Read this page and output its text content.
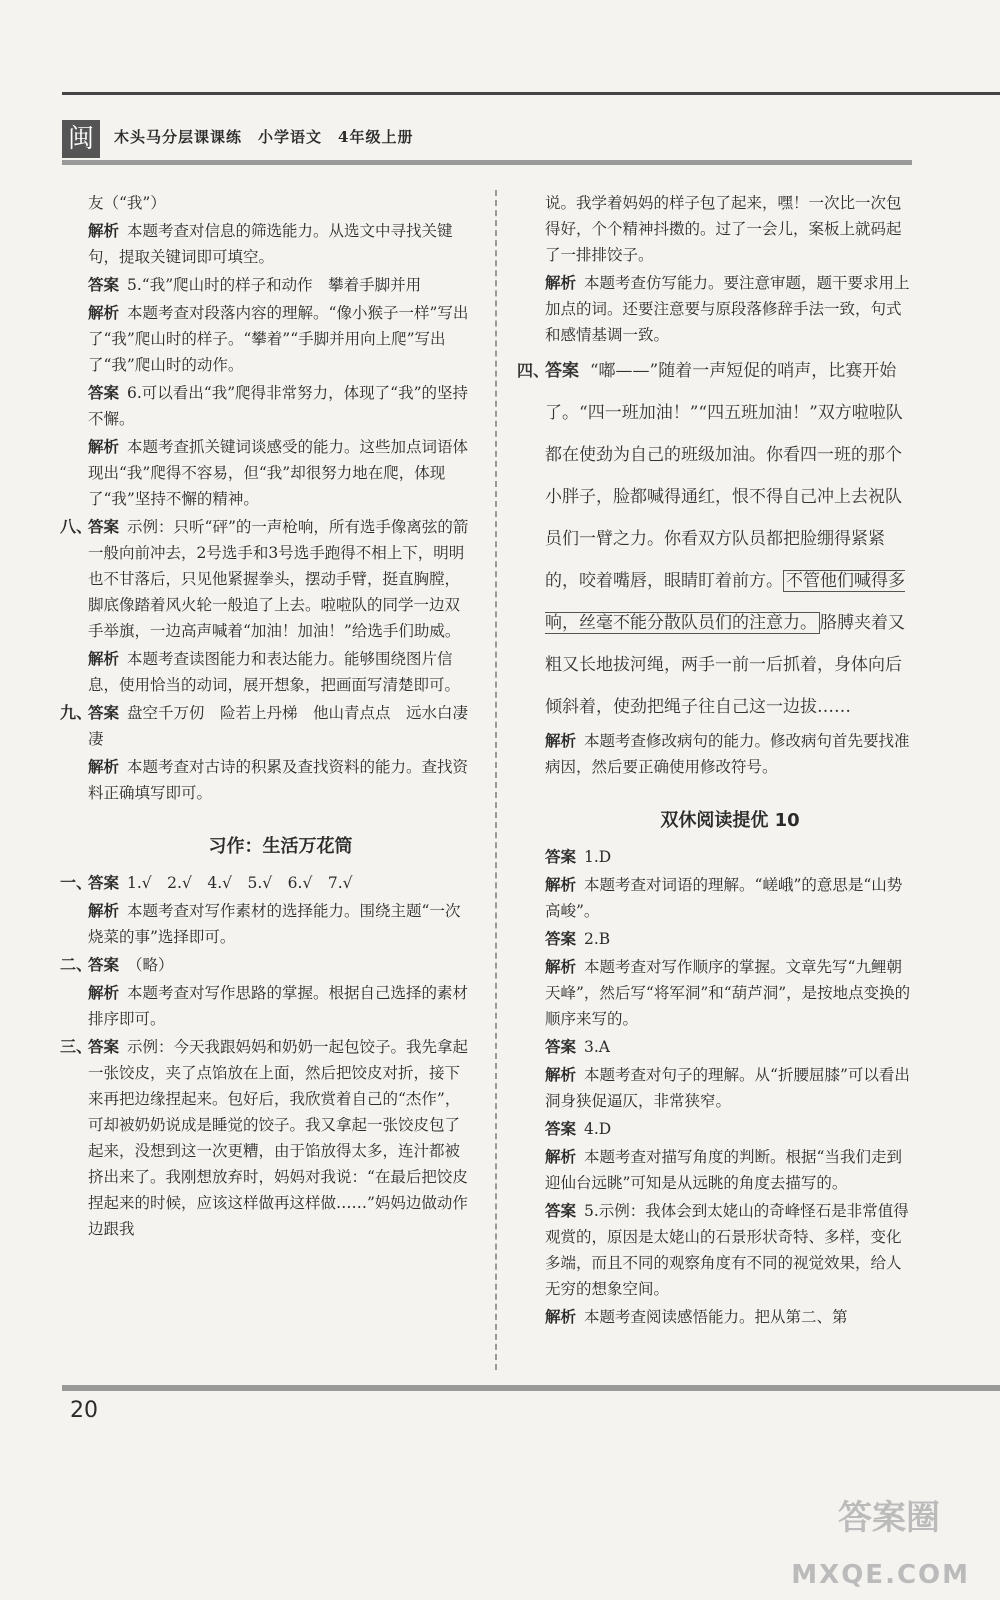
闽	木头马分层课课练　小学语文　4年级上册

友（“我”）

解析 本题考查对信息的筛选能力。从选文中寻找关键句，提取关键词即可填空。

答案 5.“我”爬山时的样子和动作　攀着手脚并用

解析 本题考查对段落内容的理解。“像小猴子一样”写出了“我”爬山时的样子。“攀着”“手脚并用向上爬”写出了“我”爬山时的动作。

答案 6.可以看出“我”爬得非常努力，体现了“我”的坚持不懈。

解析 本题考查抓关键词谈感受的能力。这些加点词语体现出“我”爬得不容易，但“我”却很努力地在爬，体现了“我”坚持不懈的精神。

八、
答案 示例：只听“砰”的一声枪响，所有选手像离弦的箭一般向前冲去，2号选手和3号选手跑得不相上下，明明也不甘落后，只见他紧握拳头，摆动手臂，挺直胸膛，脚底像踏着风火轮一般追了上去。啦啦队的同学一边双手举旗，一边高声喊着“加油！加油！”给选手们助威。

解析 本题考查读图能力和表达能力。能够围绕图片信息，使用恰当的动词，展开想象，把画面写清楚即可。

九、
答案 盘空千万仞　险若上丹梯　他山青点点　远水白凄凄

解析 本题考查对古诗的积累及查找资料的能力。查找资料正确填写即可。

习作：生活万花筒

一、
答案 1.√　2.√　4.√　5.√　6.√　7.√

解析 本题考查对写作素材的选择能力。围绕主题“一次烧菜的事”选择即可。

二、
答案 （略）

解析 本题考查对写作思路的掌握。根据自己选择的素材排序即可。

三、
答案 示例：今天我跟妈妈和奶奶一起包饺子。我先拿起一张饺皮，夹了点馅放在上面，然后把饺皮对折，接下来再把边缘捏起来。包好后，我欣赏着自己的“杰作”，可却被奶奶说成是睡觉的饺子。我又拿起一张饺皮包了起来，没想到这一次更糟，由于馅放得太多，连汁都被挤出来了。我刚想放弃时，妈妈对我说：“在最后把饺皮捏起来的时候，应该这样做再这样做……”妈妈边做动作边跟我

说。我学着妈妈的样子包了起来，嘿！一次比一次包得好，个个精神抖擞的。过了一会儿，案板上就码起了一排排饺子。

解析 本题考查仿写能力。要注意审题，题干要求用上加点的词。还要注意要与原段落修辞手法一致，句式和感情基调一致。

四、
答案 “嘟——”随着一声短促的哨声，比赛开始了。“四一班加油！”“四五班加油！”双方啦啦队都在使劲为自己的班级加油。你看四一班的那个小胖子，脸都喊得通红，恨不得自己冲上去祝队员们一臂之力。你看双方队员都把脸绷得紧紧的，咬着嘴唇，眼睛盯着前方。 不管他们喊得多响，丝毫不能分散队员们的注意力。 胳膊夹着又粗又长地拔河绳，两手一前一后抓着，身体向后倾斜着，使劲把绳子往自己这一边拔……

解析 本题考查修改病句的能力。修改病句首先要找准病因，然后要正确使用修改符号。

双休阅读提优 10

答案 1.D

解析 本题考查对词语的理解。“嵯峨”的意思是“山势高峻”。

答案 2.B

解析 本题考查对写作顺序的掌握。文章先写“九鲤朝天峰”，然后写“将军洞”和“葫芦洞”，是按地点变换的顺序来写的。

答案 3.A

解析 本题考查对句子的理解。从“折腰屈膝”可以看出洞身狭促逼仄，非常狭窄。

答案 4.D

解析 本题考查对描写角度的判断。根据“当我们走到迎仙台远眺”可知是从远眺的角度去描写的。

答案 5.示例：我体会到太姥山的奇峰怪石是非常值得观赏的，原因是太姥山的石景形状奇特、多样，变化多端，而且不同的观察角度有不同的视觉效果，给人无穷的想象空间。

解析 本题考查阅读感悟能力。把从第二、第

20
答案圈
MXQE.COM
